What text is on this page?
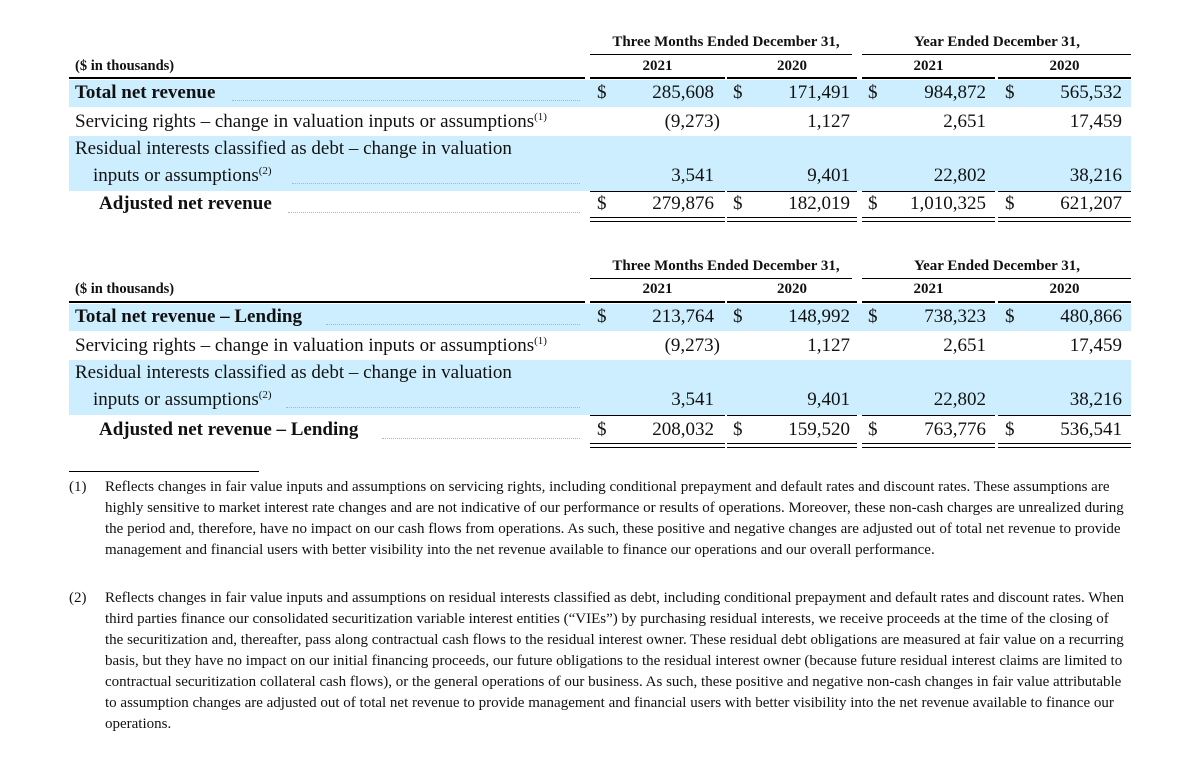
Three Months Ended December 31,	Year Ended December 31,
($ in thousands)	2021	2020	2021	2020
Total net revenue	$	285,608 $	171,491 $	984,872 $	565,532
Servicing rights – change in valuation inputs or assumptions$^{(1)}$	(9,273)	1,127	2,651	17,459
Residual interests classified as debt – change in valuation
inputs or assumptions$^{(2)}$	3,541	9,401	22,802	38,216
Adjusted net revenue	$	279,876 $	182,019 $	1,010,325 $	621,207
Three Months Ended December 31,	Year Ended December 31,
($ in thousands)	2021	2020	2021	2020
Total net revenue – Lending	$	213,764 $	148,992 $	738,323 $	480,866
Servicing rights – change in valuation inputs or assumptions$^{(1)}$	(9,273)	1,127	2,651	17,459
Residual interests classified as debt – change in valuation
inputs or assumptions$^{(2)}$	3,541	9,401	22,802	38,216
Adjusted net revenue – Lending	$	208,032 $	159,520 $	763,776 $	536,541
(1) Reflects changes in fair value inputs and assumptions on servicing rights, including conditional prepayment and default rates and discount rates. These assumptions are highly sensitive to market interest rate changes and are not indicative of our performance or results of operations. Moreover, these non-cash charges are unrealized during the period and, therefore, have no impact on our cash flows from operations. As such, these positive and negative changes are adjusted out of total net revenue to provide management and financial users with better visibility into the net revenue available to finance our operations and our overall performance.
(2) Reflects changes in fair value inputs and assumptions on residual interests classified as debt, including conditional prepayment and default rates and discount rates. When third parties finance our consolidated securitization variable interest entities (“VIEs”) by purchasing residual interests, we receive proceeds at the time of the closing of the securitization and, thereafter, pass along contractual cash flows to the residual interest owner. These residual debt obligations are measured at fair value on a recurring basis, but they have no impact on our initial financing proceeds, our future obligations to the residual interest owner (because future residual interest claims are limited to contractual securitization collateral cash flows), or the general operations of our business. As such, these positive and negative non-cash changes in fair value attributable to assumption changes are adjusted out of total net revenue to provide management and financial users with better visibility into the net revenue available to finance our operations.
